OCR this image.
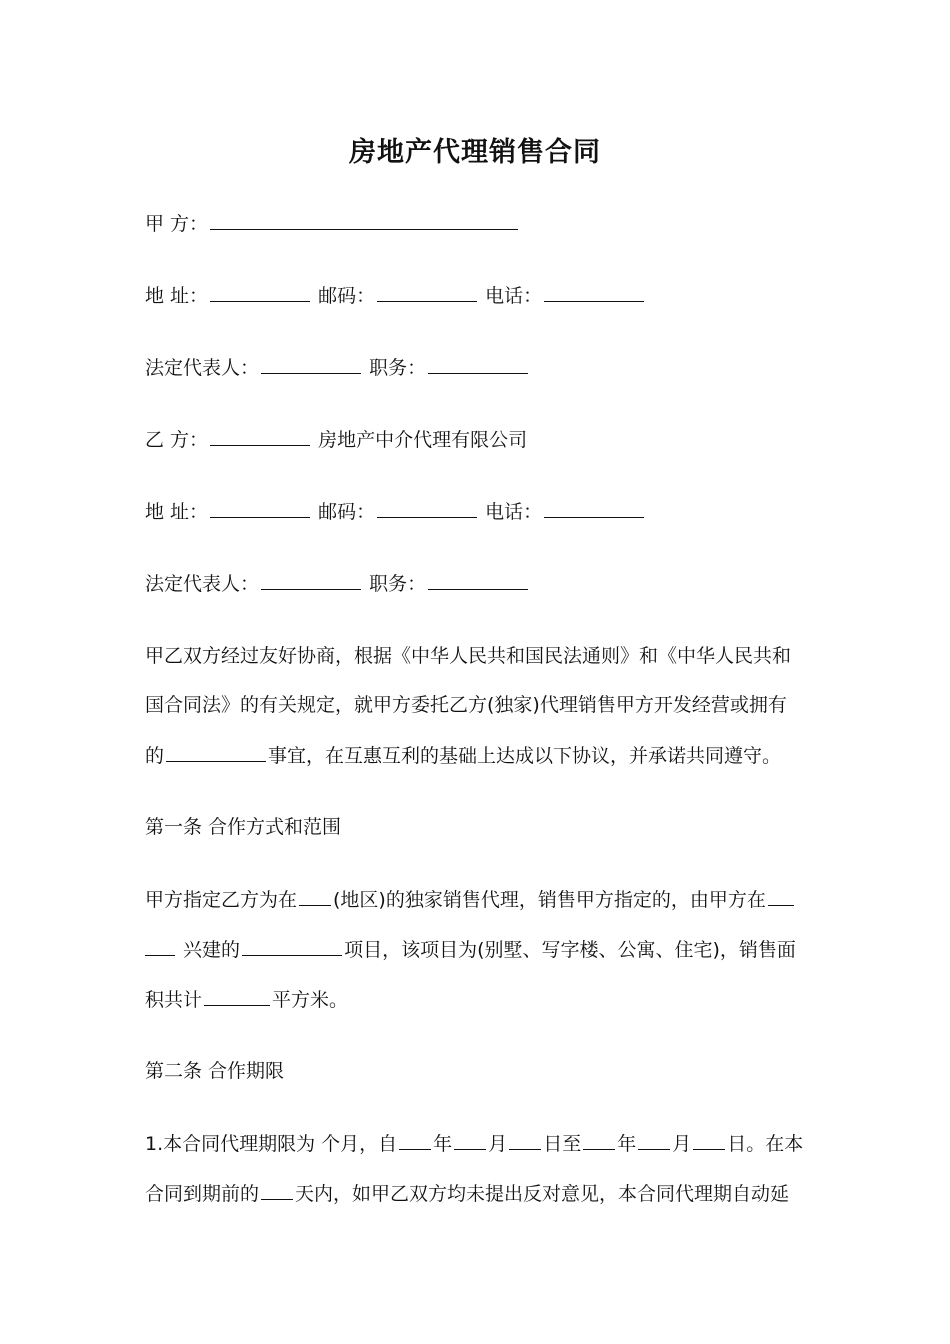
房地产代理销售合同
甲 方：
地 址：	邮码：	电话：
法定代表人：	职务：
乙 方：	房地产中介代理有限公司
地 址：	邮码：	电话：
法定代表人：	职务：
甲乙双方经过友好协商，根据《中华人民共和国民法通则》和《中华人民共和
国合同法》的有关规定，就甲方委托乙方(独家)代理销售甲方开发经营或拥有
的	事宜，在互惠互利的基础上达成以下协议，并承诺共同遵守。
第一条 合作方式和范围
甲方指定乙方为在 (地区)的独家销售代理，销售甲方指定的，由甲方在
兴建的	项目，该项目为(别墅、写字楼、公寓、住宅)，销售面
积共计	平方米。
第二条 合作期限
1.本合同代理期限为 个月，自 年 月 日至 年 月 日。在本
合同到期前的 天内，如甲乙双方均未提出反对意见，本合同代理期自动延
